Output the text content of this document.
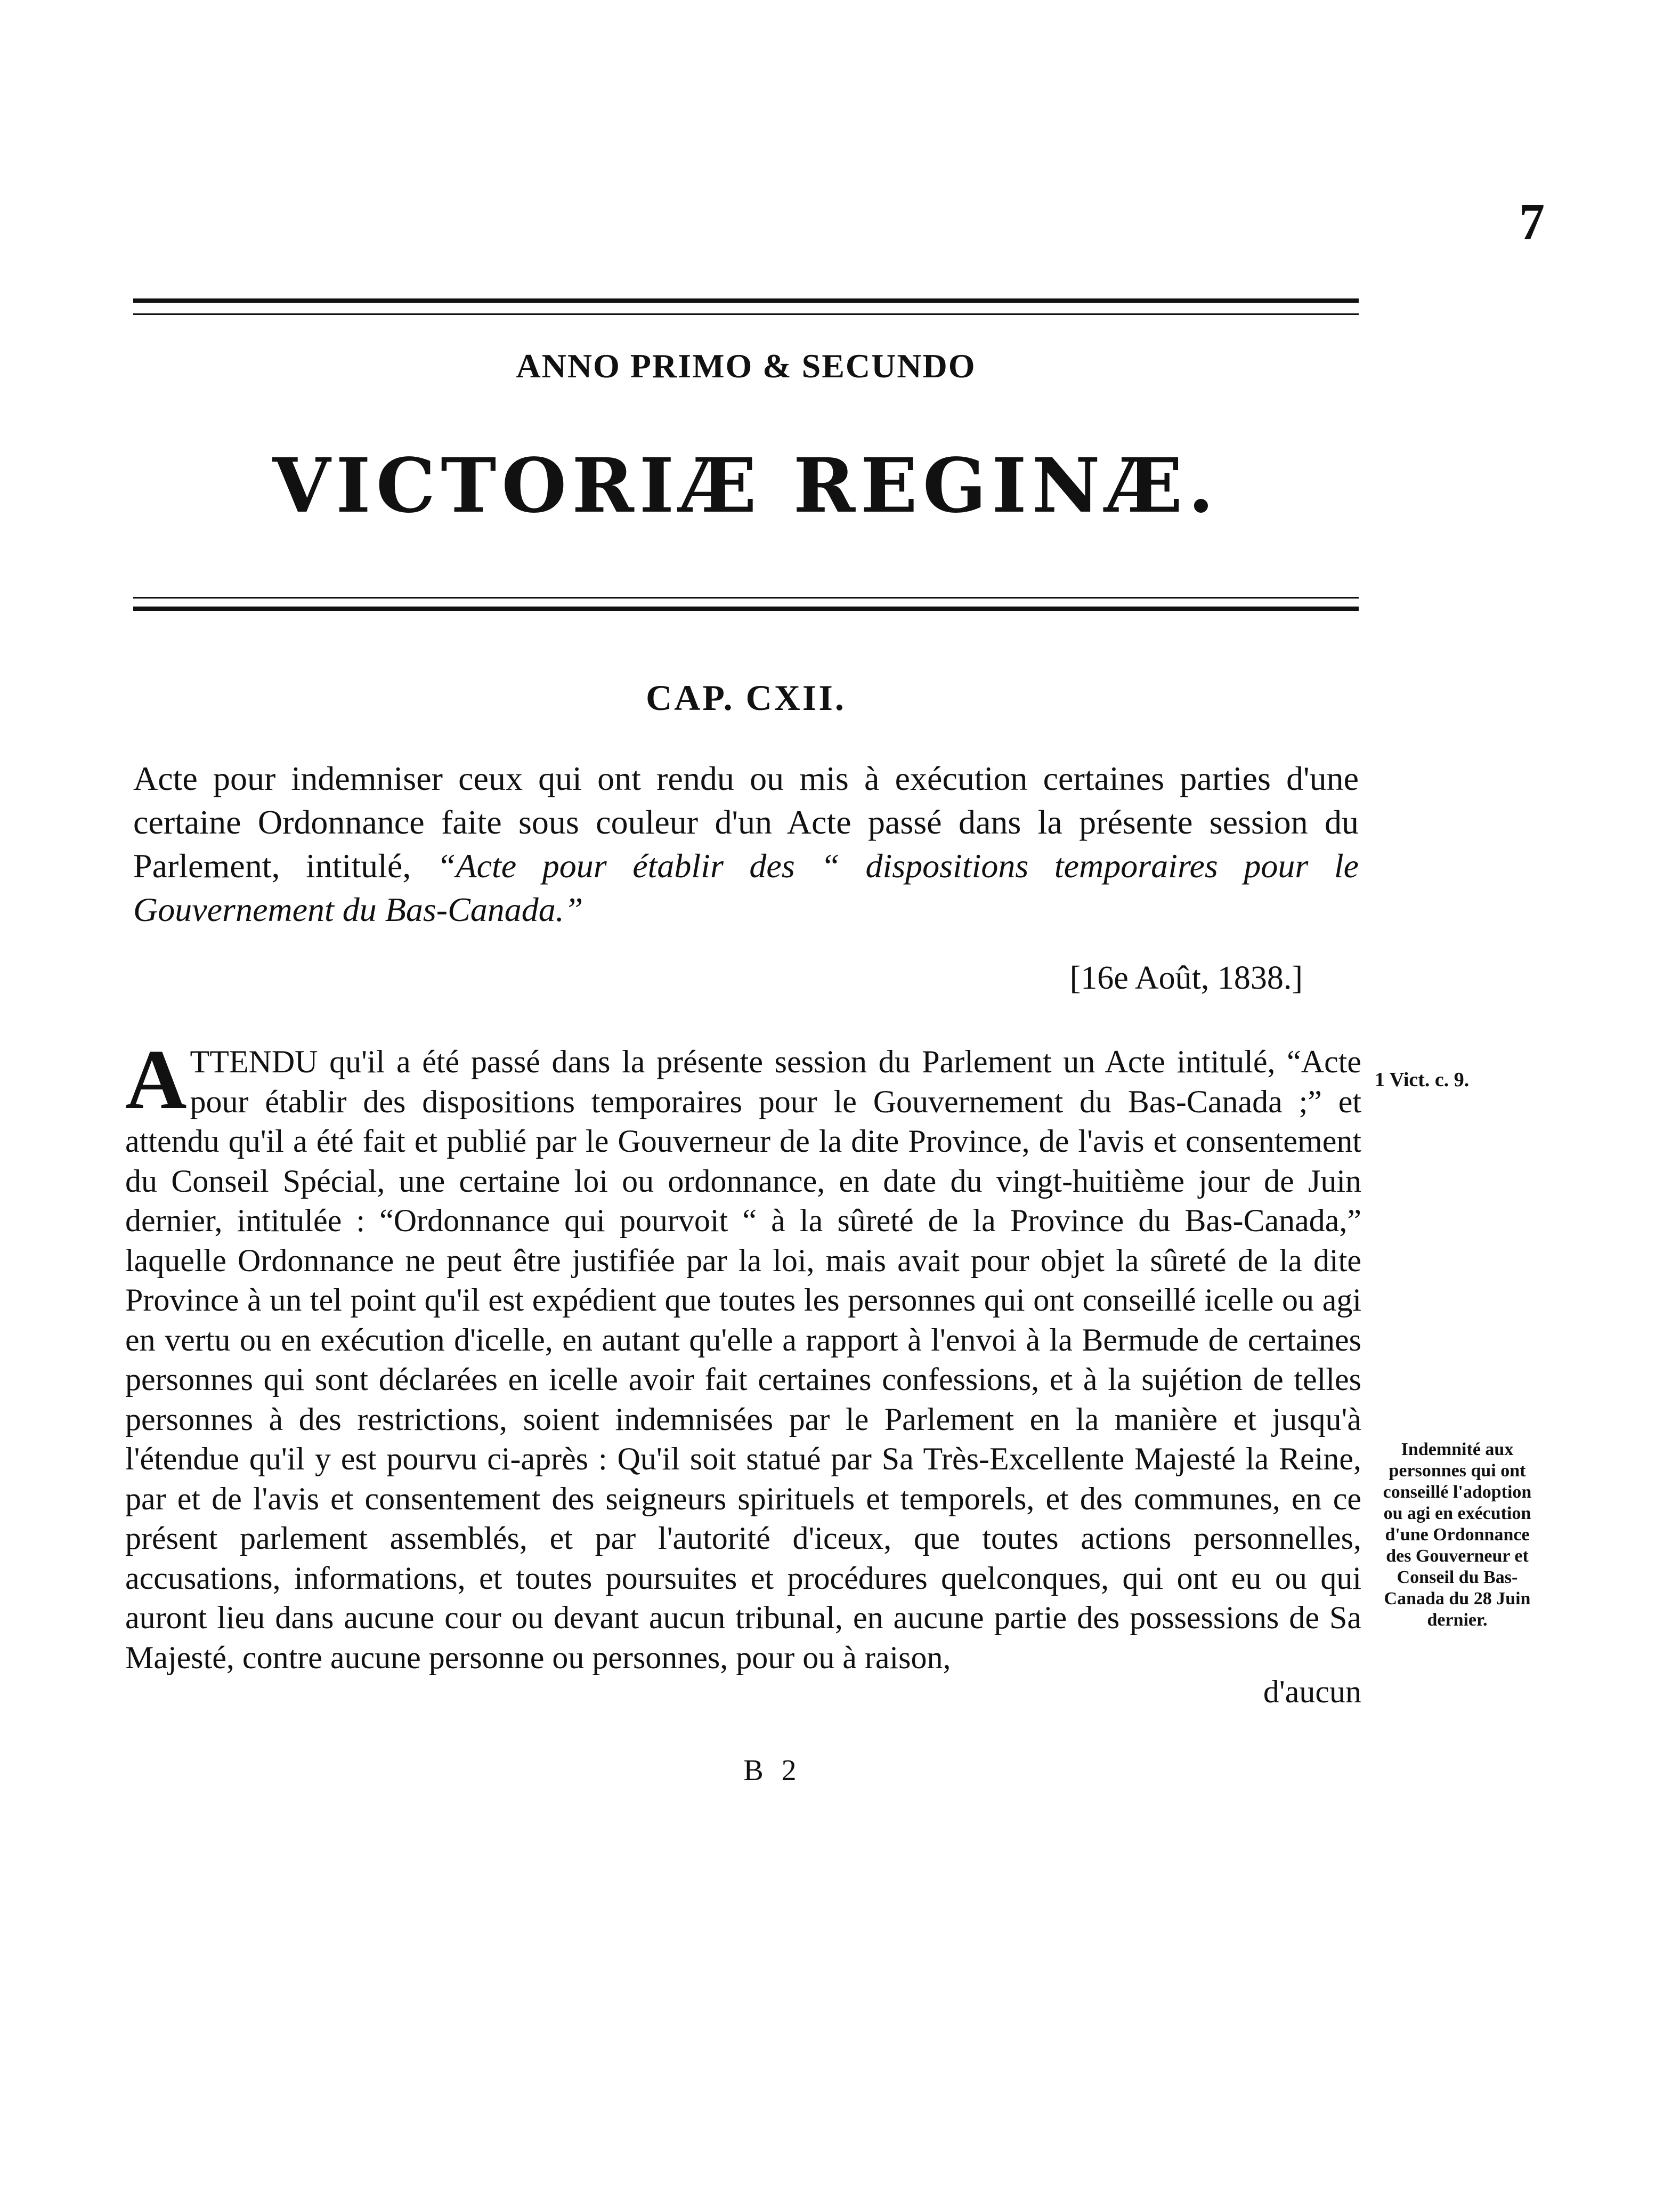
7
ANNO PRIMO & SECUNDO
VICTORIÆ REGINÆ.
CAP. CXII.
Acte pour indemniser ceux qui ont rendu ou mis à exécution certaines parties d'une certaine Ordonnance faite sous couleur d'un Acte passé dans la présente session du Parlement, intitulé, “Acte pour établir des “ dispositions temporaires pour le Gouvernement du Bas-Canada.”
[16e Août, 1838.]
A TTENDU qu'il a été passé dans la présente session du Parlement un Acte intitulé, “Acte pour établir des dispositions temporaires pour le Gouvernement du Bas-Canada ;” et attendu qu'il a été fait et publié par le Gouverneur de la dite Province, de l'avis et consentement du Conseil Spécial, une certaine loi ou ordonnance, en date du vingt-huitième jour de Juin dernier, intitulée : “Ordonnance qui pourvoit “ à la sûreté de la Province du Bas-Canada,” laquelle Ordonnance ne peut être justifiée par la loi, mais avait pour objet la sûreté de la dite Province à un tel point qu'il est expédient que toutes les personnes qui ont conseillé icelle ou agi en vertu ou en exécution d'icelle, en autant qu'elle a rapport à l'envoi à la Bermude de certaines personnes qui sont déclarées en icelle avoir fait certaines confessions, et à la sujétion de telles personnes à des restrictions, soient indemnisées par le Parlement en la manière et jusqu'à l'étendue qu'il y est pourvu ci-après : Qu'il soit statué par Sa Très-Excellente Majesté la Reine, par et de l'avis et consentement des seigneurs spirituels et temporels, et des communes, en ce présent parlement assemblés, et par l'autorité d'iceux, que toutes actions personnelles, accusations, informations, et toutes poursuites et procédures quelconques, qui ont eu ou qui auront lieu dans aucune cour ou devant aucun tribunal, en aucune partie des possessions de Sa Majesté, contre aucune personne ou personnes, pour ou à raison,
d'aucun
1 Vict. c. 9.
Indemnité aux personnes qui ont conseillé l'adoption ou agi en exécution d'une Ordonnance des Gouverneur et Conseil du Bas-Canada du 28 Juin dernier.
B 2
